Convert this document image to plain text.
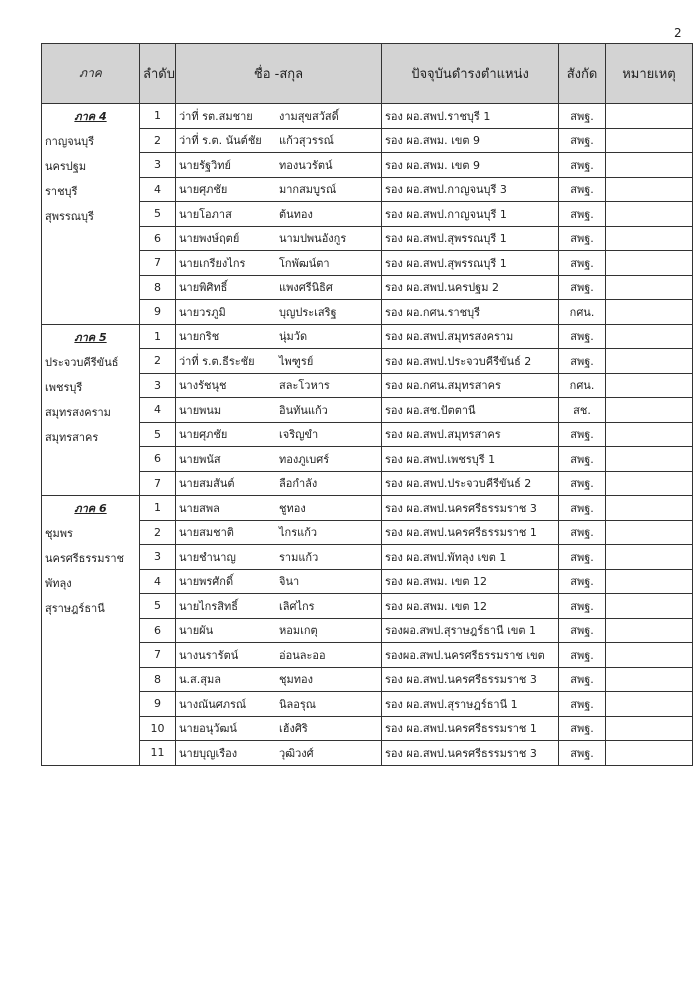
2
ภาค	ลำดับ	ชื่อ -สกุล	ปัจจุบันดำรงตำแหน่ง	สังกัด	หมายเหตุ

ภาค 4
กาญจนบุรี
นครปฐม
ราชบุรี
สุพรรณบุรี	1	ว่าที่ รต.สมชาย งามสุขสวัสดิ์	รอง ผอ.สพป.ราชบุรี 1	สพฐ.	
	2	ว่าที่ ร.ต. นันต์ชัย แก้วสุวรรณ์	รอง ผอ.สพม. เขต 9	สพฐ.	
	3	นายรัฐวิทย์ ทองนวรัตน์	รอง ผอ.สพม. เขต 9	สพฐ.	
	4	นายศุภชัย มากสมบูรณ์	รอง ผอ.สพป.กาญจนบุรี 3	สพฐ.	
	5	นายโอภาส ต้นทอง	รอง ผอ.สพป.กาญจนบุรี 1	สพฐ.	
	6	นายพงษ์ฤตย์ นามปพนอังกูร	รอง ผอ.สพป.สุพรรณบุรี 1	สพฐ.	
	7	นายเกรียงไกร โกพัฒน์ตา	รอง ผอ.สพป.สุพรรณบุรี 1	สพฐ.	
	8	นายพิศิทธิ์ แพงศรีนิธิศ	รอง ผอ.สพป.นครปฐม 2	สพฐ.	
	9	นายวรภูมิ บุญประเสริฐ	รอง ผอ.กศน.ราชบุรี	กศน.	

ภาค 5
ประจวบคีรีขันธ์
เพชรบุรี
สมุทรสงคราม
สมุทรสาคร	1	นายกริช นุ่มวัด	รอง ผอ.สพป.สมุทรสงคราม	สพฐ.	
	2	ว่าที่ ร.ต.ธีระชัย ไพฑูรย์	รอง ผอ.สพป.ประจวบคีรีขันธ์ 2	สพฐ.	
	3	นางรัชนุช สละโวหาร	รอง ผอ.กศน.สมุทรสาคร	กศน.	
	4	นายพนม อินทันแก้ว	รอง ผอ.สช.ปัตตานี	สช.	
	5	นายศุภชัย เจริญขำ	รอง ผอ.สพป.สมุทรสาคร	สพฐ.	
	6	นายพนัส ทองภูเบศร์	รอง ผอ.สพป.เพชรบุรี 1	สพฐ.	
	7	นายสมสันต์ ลือกำลัง	รอง ผอ.สพป.ประจวบคีรีขันธ์ 2	สพฐ.	

ภาค 6
ชุมพร
นครศรีธรรมราช
พัทลุง
สุราษฎร์ธานี	1	นายสพล ชูทอง	รอง ผอ.สพป.นครศรีธรรมราช 3	สพฐ.	
	2	นายสมชาติ ไกรแก้ว	รอง ผอ.สพป.นครศรีธรรมราช 1	สพฐ.	
	3	นายชำนาญ รามแก้ว	รอง ผอ.สพป.พัทลุง เขต 1	สพฐ.	
	4	นายพรศักดิ์ จินา	รอง ผอ.สพม. เขต 12	สพฐ.	
	5	นายไกรสิทธิ์ เลิศไกร	รอง ผอ.สพม. เขต 12	สพฐ.	
	6	นายผัน หอมเกตุ	รองผอ.สพป.สุราษฎร์ธานี เขต 1	สพฐ.	
	7	นางนรารัตน์ อ่อนละออ	รองผอ.สพป.นครศรีธรรมราช เขต	สพฐ.	
	8	น.ส.สุมล ชุมทอง	รอง ผอ.สพป.นครศรีธรรมราช 3	สพฐ.	
	9	นางณันศภรณ์ นิลอรุณ	รอง ผอ.สพป.สุราษฎร์ธานี 1	สพฐ.	
	10	นายอนุวัฒน์ เฮ้งศิริ	รอง ผอ.สพป.นครศรีธรรมราช 1	สพฐ.	
	11	นายบุญเรือง วุฒิวงศ์	รอง ผอ.สพป.นครศรีธรรมราช 3	สพฐ.	
